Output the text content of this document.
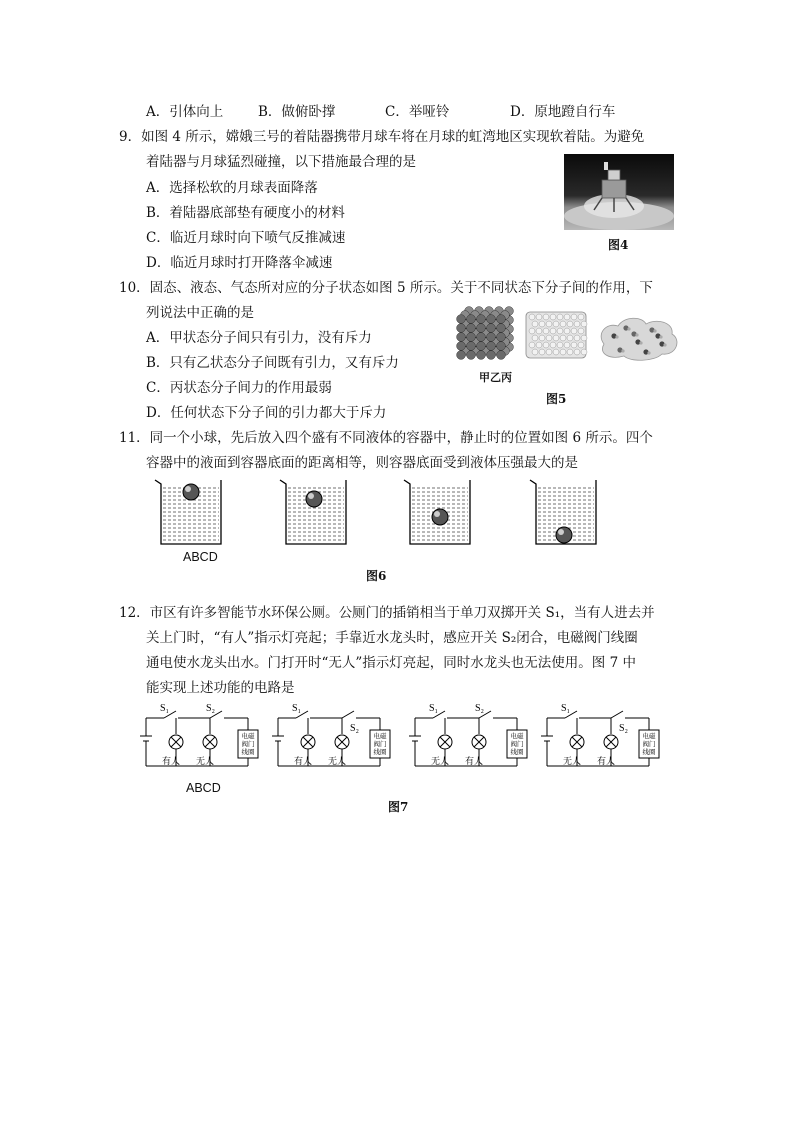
A．引体向上	B．做俯卧撑	C．举哑铃	D．原地蹬自行车
9．如图 4 所示，嫦娥三号的着陆器携带月球车将在月球的虹湾地区实现软着陆。为避免
着陆器与月球猛烈碰撞，以下措施最合理的是
A．选择松软的月球表面降落
B．着陆器底部垫有硬度小的材料
C．临近月球时向下喷气反推减速
D．临近月球时打开降落伞减速
图4
10．固态、液态、气态所对应的分子状态如图 5 所示。关于不同状态下分子间的作用，下
列说法中正确的是
A．甲状态分子间只有引力，没有斥力
B．只有乙状态分子间既有引力，又有斥力
C．丙状态分子间力的作用最弱
D．任何状态下分子间的引力都大于斥力
甲乙丙
图5
11．同一个小球，先后放入四个盛有不同液体的容器中，静止时的位置如图 6 所示。四个
容器中的液面到容器底面的距离相等，则容器底面受到液体压强最大的是
ABCD
图6
12．市区有许多智能节水环保公厕。公厕门的插销相当于单刀双掷开关 S₁，当有人进去并
关上门时，“有人”指示灯亮起；手靠近水龙头时，感应开关 S₂闭合，电磁阀门线圈
通电使水龙头出水。门打开时“无人”指示灯亮起，同时水龙头也无法使用。图 7 中
能实现上述功能的电路是
电磁
阀门
线圈
S₁	S₂
有人 无人
电磁
阀门
线圈
S₁
S₂
有人 无人
电磁
阀门
线圈
S₁	S₂
无人 有人
电磁
阀门
线圈
S₁
S₂
无人 有人
ABCD
图7
